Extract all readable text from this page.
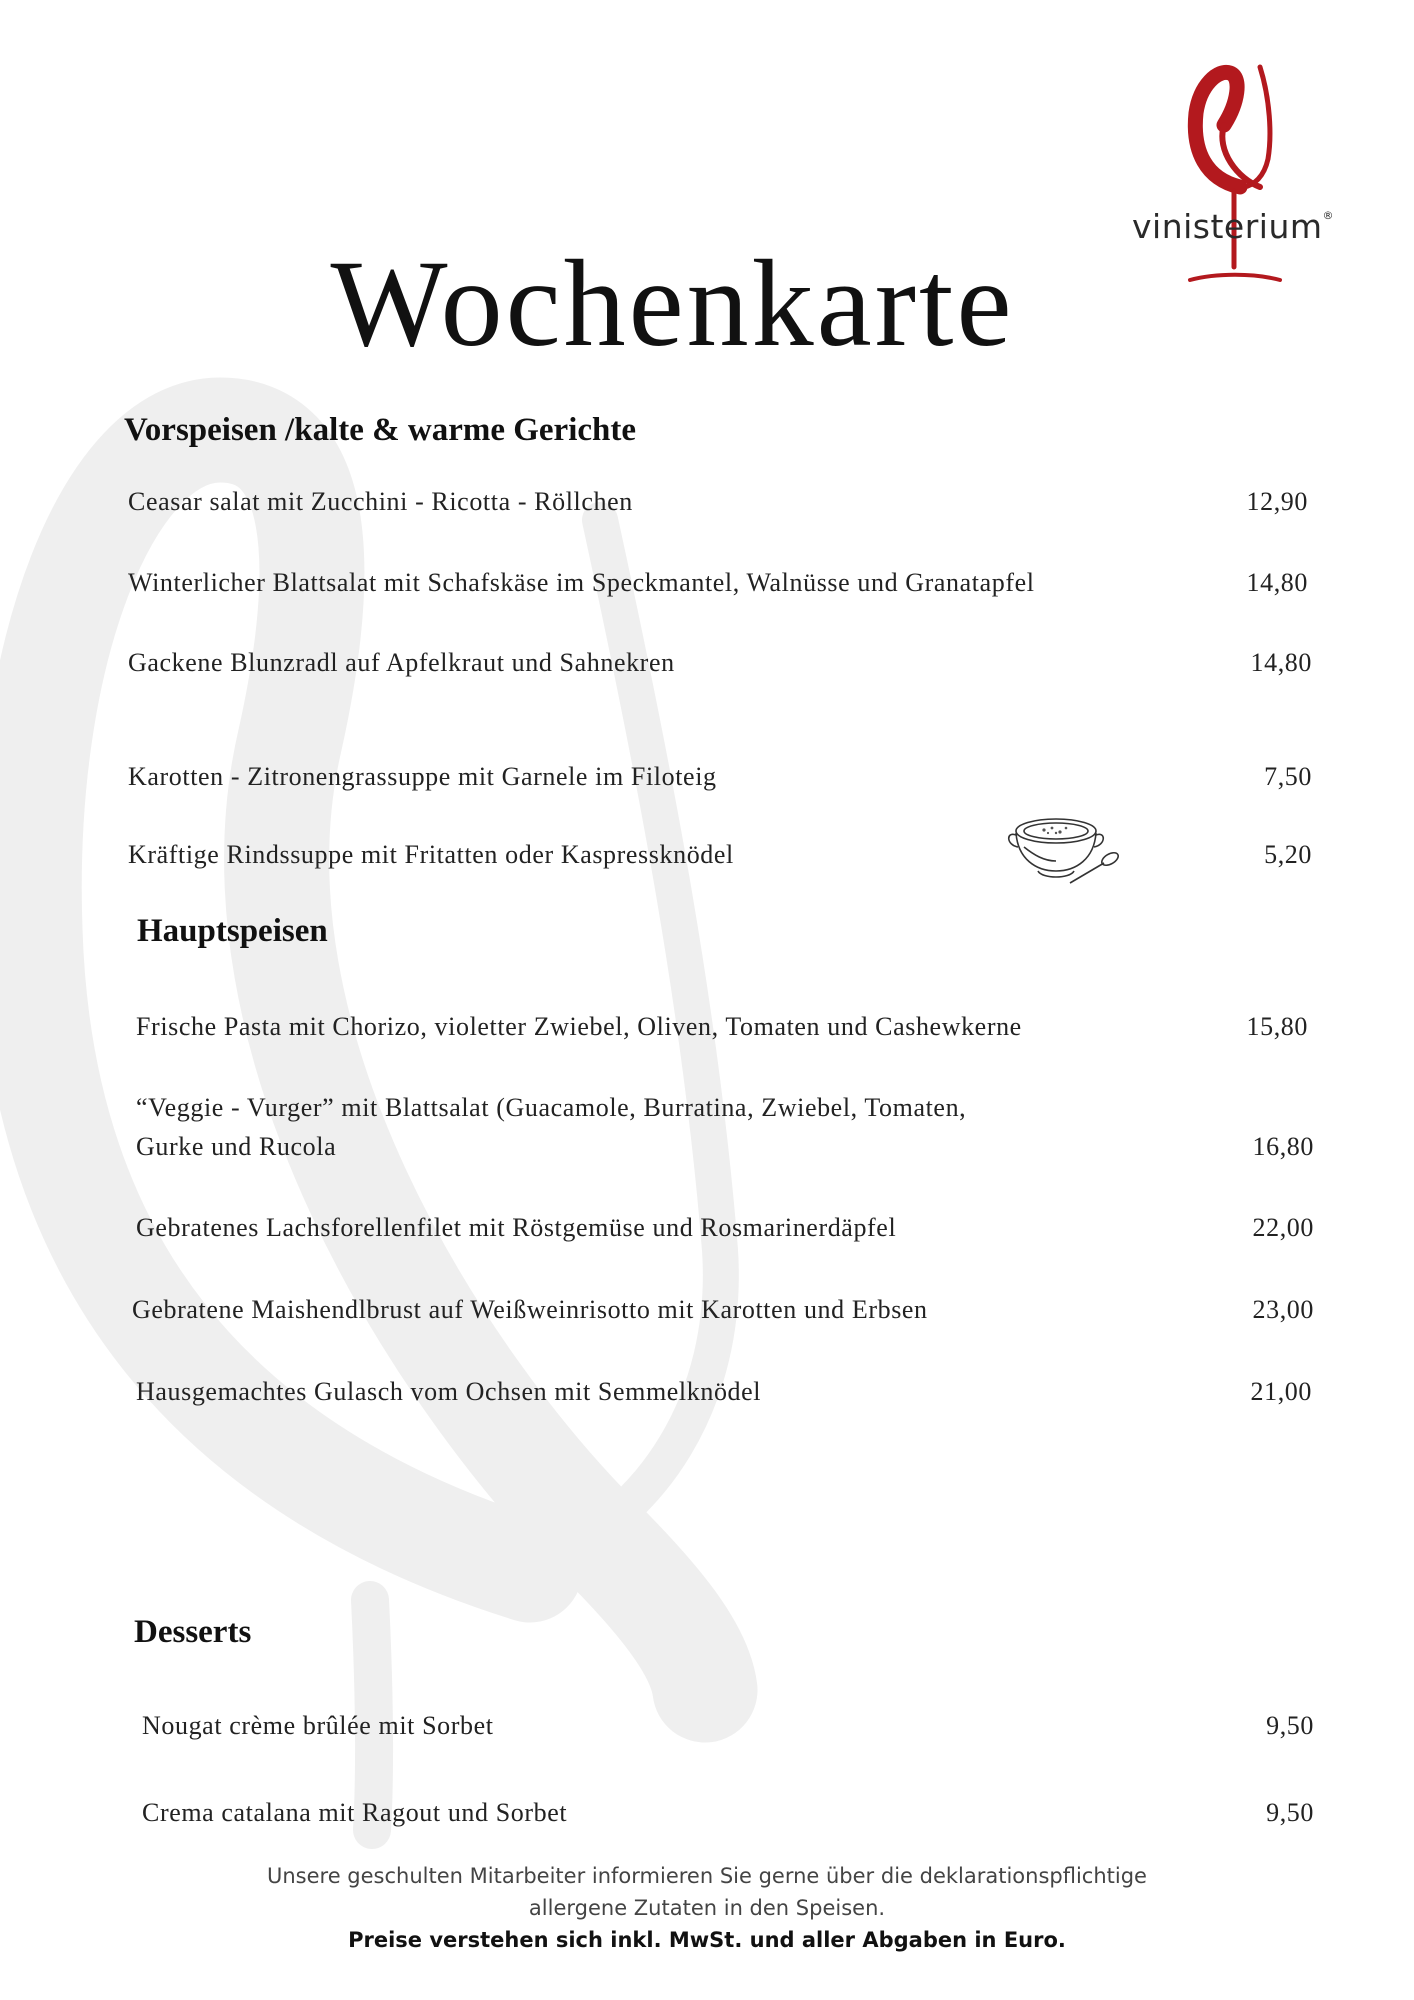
vinisterium®
Wochenkarte
Vorspeisen /kalte & warme Gerichte
Ceasar salat mit Zucchini - Ricotta - Röllchen	12,90
Winterlicher Blattsalat mit Schafskäse im Speckmantel, Walnüsse und Granatapfel	14,80
Gackene Blunzradl auf Apfelkraut und Sahnekren	14,80
Karotten - Zitronengrassuppe mit Garnele im Filoteig	7,50
Kräftige Rindssuppe mit Fritatten oder Kaspressknödel	5,20
Hauptspeisen
Frische Pasta mit Chorizo, violetter Zwiebel, Oliven, Tomaten und Cashewkerne	15,80
“Veggie - Vurger” mit Blattsalat (Guacamole, Burratina, Zwiebel, Tomaten,
Gurke und Rucola	16,80
Gebratenes Lachsforellenfilet mit Röstgemüse und Rosmarinerdäpfel	22,00
Gebratene Maishendlbrust auf Weißweinrisotto mit Karotten und Erbsen	23,00
Hausgemachtes Gulasch vom Ochsen mit Semmelknödel	21,00
Desserts
Nougat crème brûlée mit Sorbet	9,50
Crema catalana mit Ragout und Sorbet	9,50
Unsere geschulten Mitarbeiter informieren Sie gerne über die deklarationspflichtige
allergene Zutaten in den Speisen.
Preise verstehen sich inkl. MwSt. und aller Abgaben in Euro.
